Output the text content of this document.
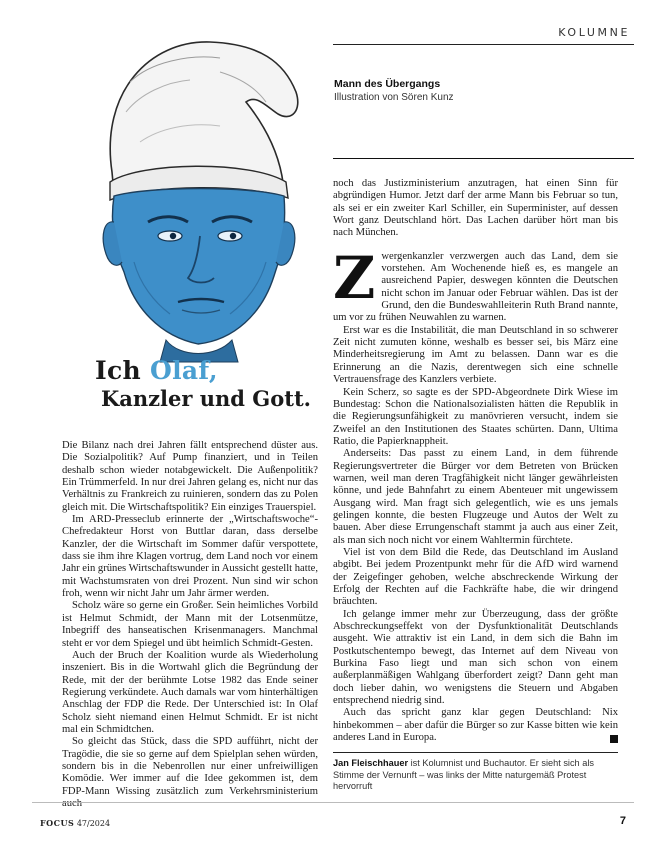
KOLUMNE
Mann des Übergangs
Illustration von Sören Kunz
Ich Olaf,
Kanzler und Gott.

Die Bilanz nach drei Jahren fällt entsprechend düster aus. Die Sozialpolitik? Auf Pump finanziert, und in Teilen deshalb schon wieder notabgewickelt. Die Außenpolitik? Ein Trümmerfeld. In nur drei Jahren gelang es, nicht nur das Verhältnis zu Frankreich zu ruinieren, sondern das zu Polen gleich mit. Die Wirtschaftspolitik? Ein einziges Trauerspiel.

Im ARD-Presseclub erinnerte der „Wirtschaftswoche“-Chefredakteur Horst von Buttlar daran, dass derselbe Kanzler, der die Wirtschaft im Sommer dafür verspottete, dass sie ihm ihre Klagen vortrug, dem Land noch vor einem Jahr ein grünes Wirtschaftswunder in Aussicht gestellt hatte, mit Wachstumsraten von drei Prozent. Nun sind wir schon froh, wenn wir nicht Jahr um Jahr ärmer werden.

Scholz wäre so gerne ein Großer. Sein heimliches Vorbild ist Helmut Schmidt, der Mann mit der Lotsenmütze, Inbegriff des hanseatischen Krisenmanagers. Manchmal steht er vor dem Spiegel und übt heimlich Schmidt-Gesten.

Auch der Bruch der Koalition wurde als Wiederholung inszeniert. Bis in die Wortwahl glich die Begründung der Rede, mit der der berühmte Lotse 1982 das Ende seiner Regierung verkündete. Auch damals war vom hinterhältigen Anschlag der FDP die Rede. Der Unterschied ist: In Olaf Scholz sieht niemand einen Helmut Schmidt. Er ist nicht mal ein Schmidtchen.

So gleicht das Stück, dass die SPD aufführt, nicht der Tragödie, die sie so gerne auf dem Spielplan sehen würden, sondern bis in die Nebenrollen nur einer unfreiwilligen Komödie. Wer immer auf die Idee gekommen ist, dem FDP-Mann Wissing zusätzlich zum Verkehrsministerium auch

noch das Justizministerium anzutragen, hat einen Sinn für abgründigen Humor. Jetzt darf der arme Mann bis Februar so tun, als sei er ein zweiter Karl Schiller, ein Superminister, auf dessen Wort ganz Deutschland hört. Das Lachen darüber hört man bis nach München.

Zwergenkanzler verzwergen auch das Land, dem sie vorstehen. Am Wochenende hieß es, es mangele an ausreichend Papier, deswegen könnten die Deutschen nicht schon im Januar oder Februar wählen. Das ist der Grund, den die Bundeswahlleiterin Ruth Brand nannte, um vor zu frühen Neuwahlen zu warnen.

Erst war es die Instabilität, die man Deutschland in so schwerer Zeit nicht zumuten könne, weshalb es besser sei, bis März eine Minderheitsregierung im Amt zu belassen. Dann war es die Erinnerung an die Nazis, derentwegen sich eine schnelle Vertrauensfrage des Kanzlers verbiete.

Kein Scherz, so sagte es der SPD-Abgeordnete Dirk Wiese im Bundestag: Schon die Nationalsozialisten hätten die Republik in die Regierungsunfähigkeit zu manövrieren versucht, indem sie Zweifel an den Institutionen des Staates schürten. Dann, Ultima Ratio, die Papierknappheit.

Anderseits: Das passt zu einem Land, in dem führende Regierungsvertreter die Bürger vor dem Betreten von Brücken warnen, weil man deren Tragfähigkeit nicht länger gewährleisten könne, und jede Bahnfahrt zu einem Abenteuer mit ungewissem Ausgang wird. Man fragt sich gelegentlich, wie es uns jemals gelingen konnte, die besten Flugzeuge und Autos der Welt zu bauen. Aber diese Errungenschaft stammt ja auch aus einer Zeit, als man sich noch nicht vor einem Wahltermin fürchtete.

Viel ist von dem Bild die Rede, das Deutschland im Ausland abgibt. Bei jedem Prozentpunkt mehr für die AfD wird warnend der Zeigefinger gehoben, welche abschreckende Wirkung der Erfolg der Rechten auf die Fachkräfte habe, die wir dringend bräuchten.

Ich gelange immer mehr zur Überzeugung, dass der größte Abschreckungseffekt von der Dysfunktionalität Deutschlands ausgeht. Wie attraktiv ist ein Land, in dem sich die Bahn im Postkutschentempo bewegt, das Internet auf dem Niveau von Burkina Faso liegt und man sich schon von einem außerplanmäßigen Wahlgang überfordert zeigt? Dann geht man doch lieber dahin, wo wenigstens die Steuern und Abgaben entsprechend niedrig sind.

Auch das spricht ganz klar gegen Deutschland: Nix hinbekommen – aber dafür die Bürger so zur Kasse bitten wie kein anderes Land in Europa.

Jan Fleischhauer ist Kolumnist und Buchautor. Er sieht sich als Stimme der Vernunft – was links der Mitte naturgemäß Protest hervorruft
FOCUS 47/2024	7
